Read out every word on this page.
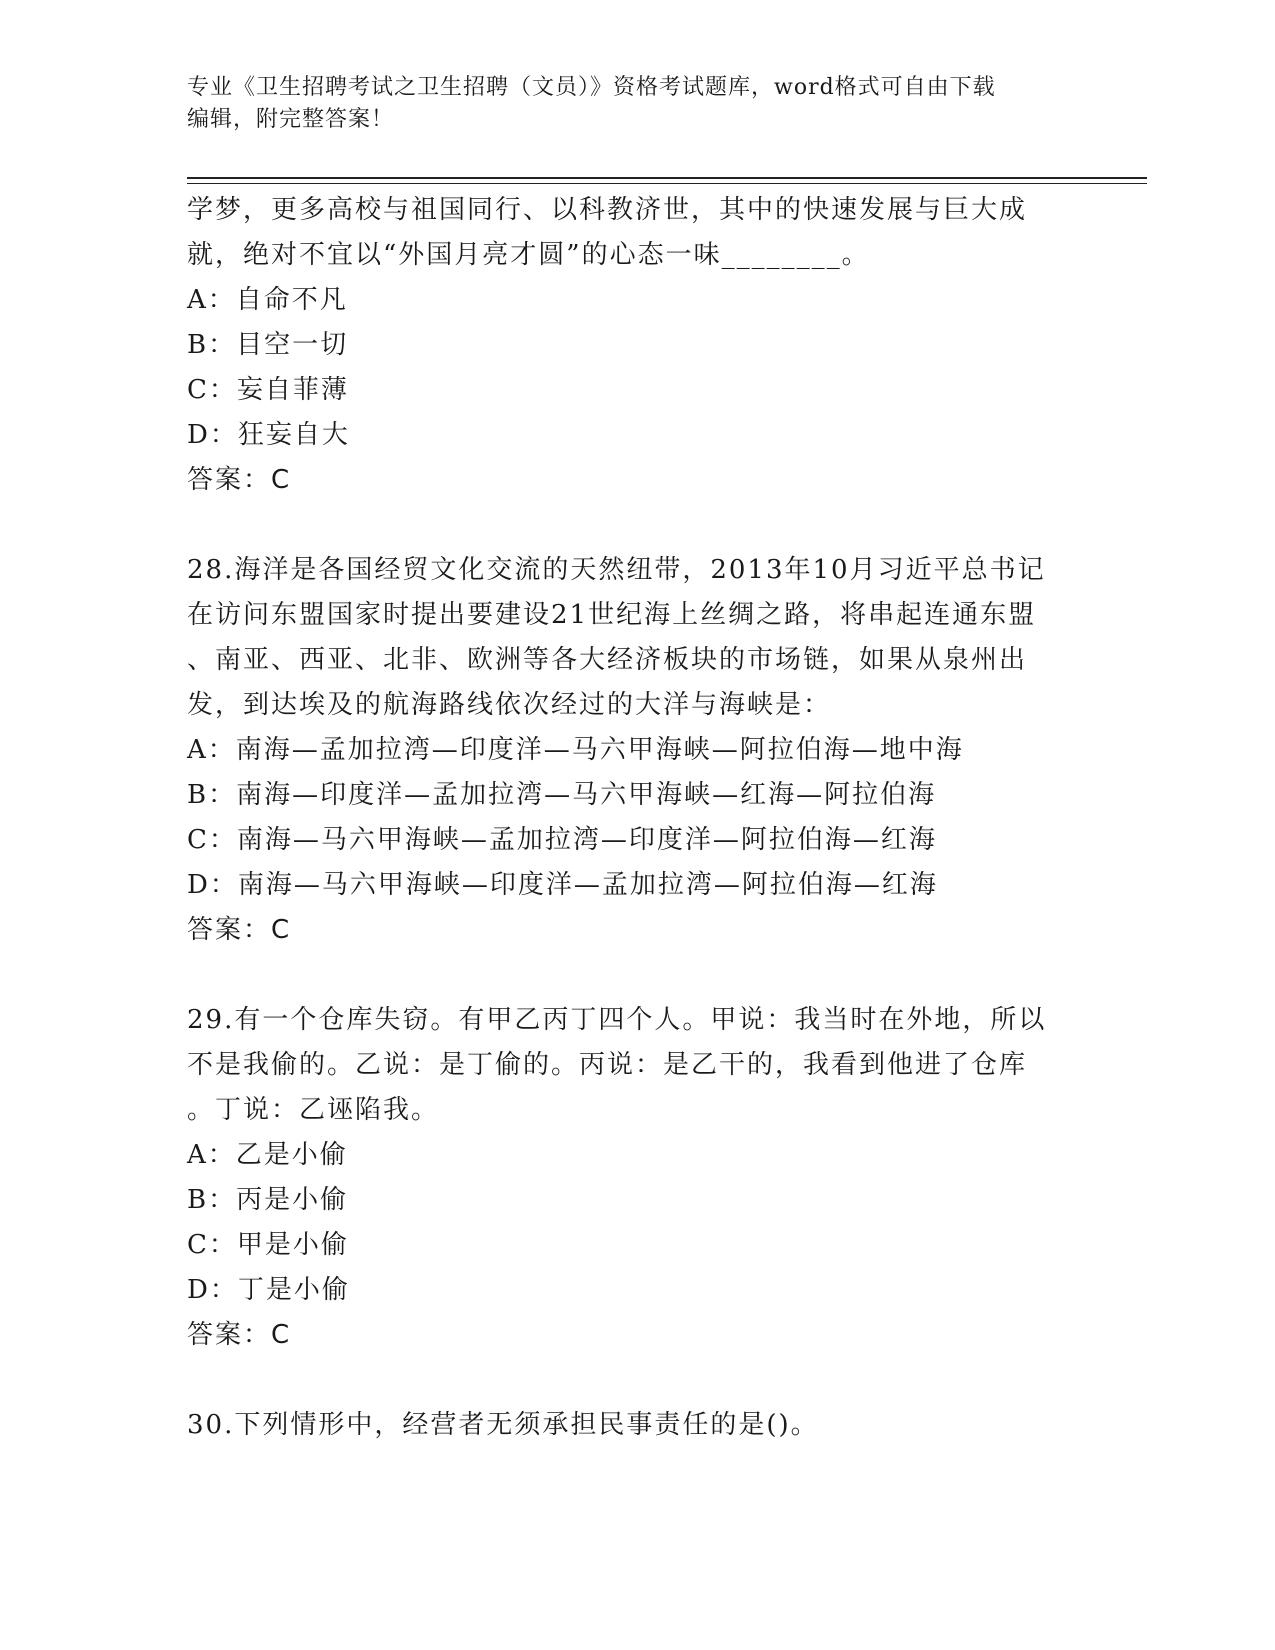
专业《卫生招聘考试之卫生招聘（文员）》资格考试题库，word格式可自由下载
编辑，附完整答案！
学梦，更多高校与祖国同行、以科教济世，其中的快速发展与巨大成
就，绝对不宜以“外国月亮才圆”的心态一味________。
A：自命不凡
B：目空一切
C：妄自菲薄
D：狂妄自大
答案：C
28.海洋是各国经贸文化交流的天然纽带，2013年10月习近平总书记
在访问东盟国家时提出要建设21世纪海上丝绸之路，将串起连通东盟
、南亚、西亚、北非、欧洲等各大经济板块的市场链，如果从泉州出
发，到达埃及的航海路线依次经过的大洋与海峡是：
A：南海—孟加拉湾—印度洋—马六甲海峡—阿拉伯海—地中海
B：南海—印度洋—孟加拉湾—马六甲海峡—红海—阿拉伯海
C：南海—马六甲海峡—孟加拉湾—印度洋—阿拉伯海—红海
D：南海—马六甲海峡—印度洋—孟加拉湾—阿拉伯海—红海
答案：C
29.有一个仓库失窃。有甲乙丙丁四个人。甲说：我当时在外地，所以
不是我偷的。乙说：是丁偷的。丙说：是乙干的，我看到他进了仓库
。丁说：乙诬陷我。
A：乙是小偷
B：丙是小偷
C：甲是小偷
D：丁是小偷
答案：C
30.下列情形中，经营者无须承担民事责任的是()。
